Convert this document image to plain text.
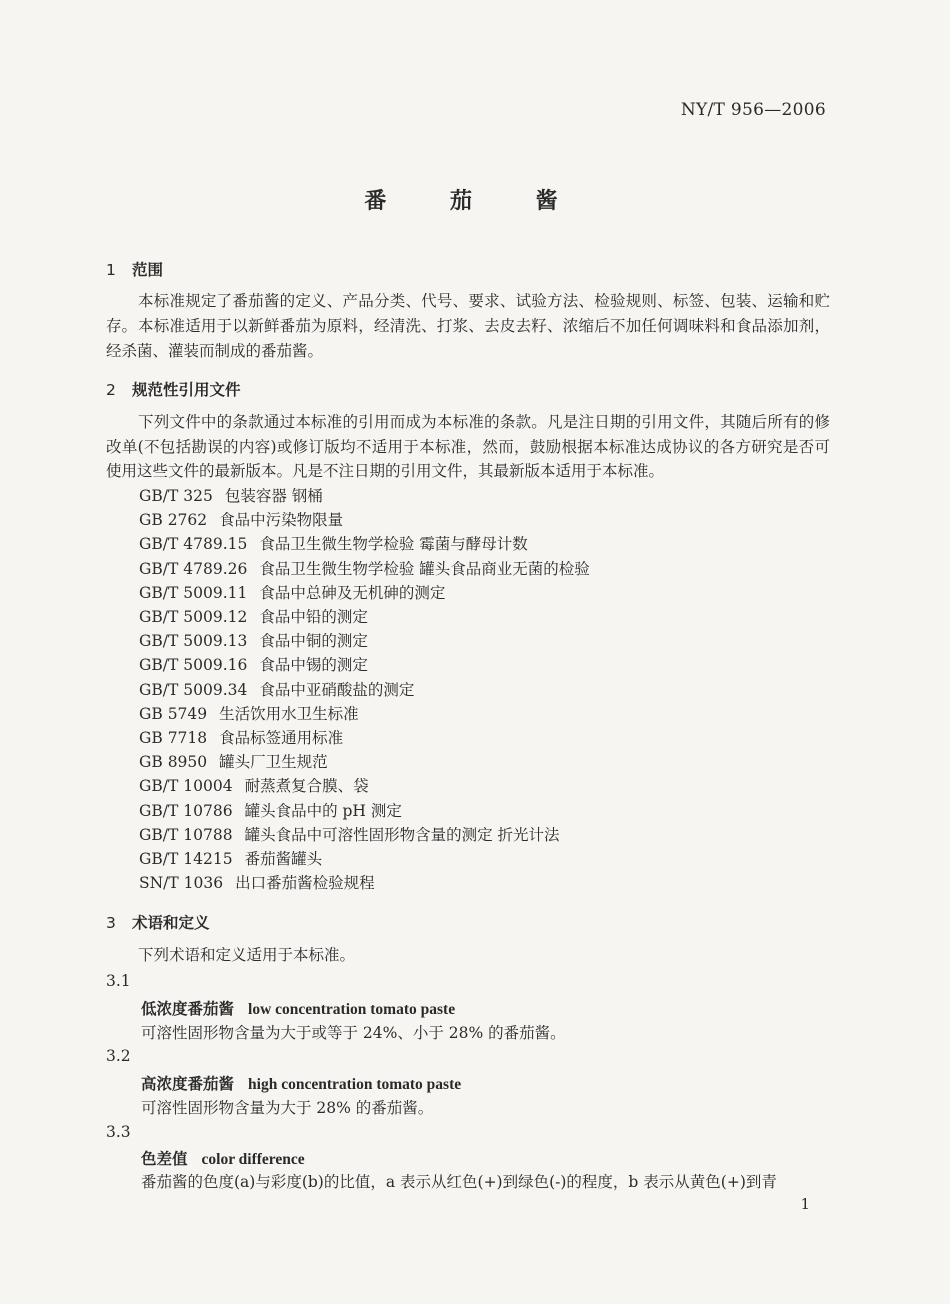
NY/T 956—2006
番 茄 酱
1 范围
本标准规定了番茄酱的定义、产品分类、代号、要求、试验方法、检验规则、标签、包装、运输和贮存。 本标准适用于以新鲜番茄为原料，经清洗、打浆、去皮去籽、浓缩后不加任何调味料和食品添加剂，经杀菌、灌装而制成的番茄酱。
2 规范性引用文件
下列文件中的条款通过本标准的引用而成为本标准的条款。凡是注日期的引用文件，其随后所有的修改单(不包括勘误的内容)或修订版均不适用于本标准，然而，鼓励根据本标准达成协议的各方研究是否可使用这些文件的最新版本。凡是不注日期的引用文件，其最新版本适用于本标准。
GB/T 325 包装容器 钢桶
GB 2762 食品中污染物限量
GB/T 4789.15 食品卫生微生物学检验 霉菌与酵母计数
GB/T 4789.26 食品卫生微生物学检验 罐头食品商业无菌的检验
GB/T 5009.11 食品中总砷及无机砷的测定
GB/T 5009.12 食品中铅的测定
GB/T 5009.13 食品中铜的测定
GB/T 5009.16 食品中锡的测定
GB/T 5009.34 食品中亚硝酸盐的测定
GB 5749 生活饮用水卫生标准
GB 7718 食品标签通用标准
GB 8950 罐头厂卫生规范
GB/T 10004 耐蒸煮复合膜、袋
GB/T 10786 罐头食品中的 pH 测定
GB/T 10788 罐头食品中可溶性固形物含量的测定 折光计法
GB/T 14215 番茄酱罐头
SN/T 1036 出口番茄酱检验规程
3 术语和定义
下列术语和定义适用于本标准。
3.1
低浓度番茄酱 low concentration tomato paste
可溶性固形物含量为大于或等于 24%、小于 28% 的番茄酱。
3.2
高浓度番茄酱 high concentration tomato paste
可溶性固形物含量为大于 28% 的番茄酱。
3.3
色差值 color difference
番茄酱的色度(a)与彩度(b)的比值，a 表示从红色(+)到绿色(-)的程度，b 表示从黄色(+)到青
1
